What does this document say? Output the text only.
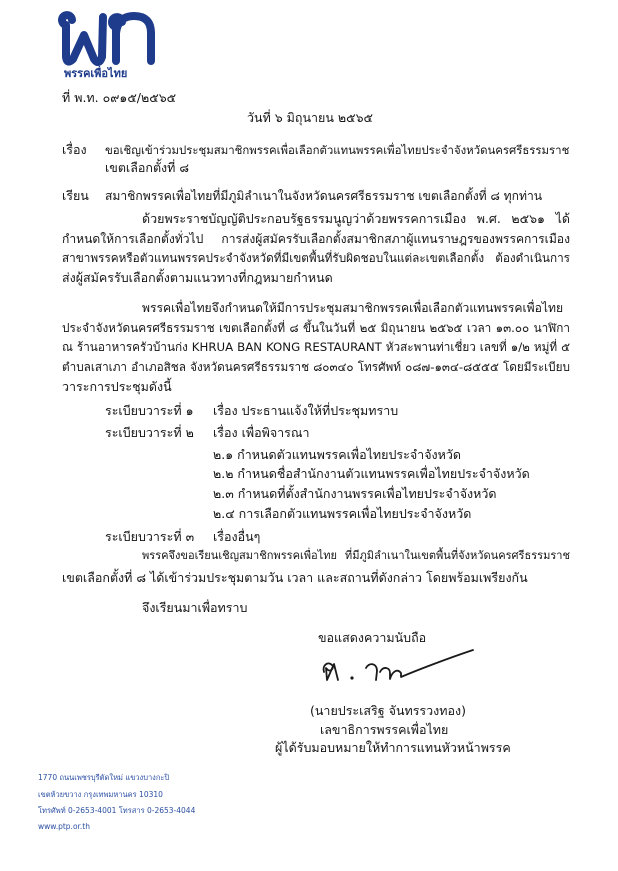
พรรคเพื่อไทย
ที่ พ.ท. ๐๙๑๕/๒๕๖๕
วันที่ ๖ มิถุนายน ๒๕๖๕
เรื่อง	ขอเชิญเข้าร่วมประชุมสมาชิกพรรคเพื่อเลือกตัวแทนพรรคเพื่อไทยประจำจังหวัดนครศรีธรรมราช
เขตเลือกตั้งที่ ๘
เรียน	สมาชิกพรรคเพื่อไทยที่มีภูมิลำเนาในจังหวัดนครศรีธรรมราช เขตเลือกตั้งที่ ๘ ทุกท่าน
ด้วยพระราชบัญญัติประกอบรัฐธรรมนูญว่าด้วยพรรคการเมือง พ.ศ. ๒๕๖๑ ได้
กำหนดให้การเลือกตั้งทั่วไป การส่งผู้สมัครรับเลือกตั้งสมาชิกสภาผู้แทนราษฎรของพรรคการเมือง
สาขาพรรคหรือตัวแทนพรรคประจำจังหวัดที่มีเขตพื้นที่รับผิดชอบในแต่ละเขตเลือกตั้ง ต้องดำเนินการ
ส่งผู้สมัครรับเลือกตั้งตามแนวทางที่กฎหมายกำหนด
พรรคเพื่อไทยจึงกำหนดให้มีการประชุมสมาชิกพรรคเพื่อเลือกตัวแทนพรรคเพื่อไทย
ประจำจังหวัดนครศรีธรรมราช เขตเลือกตั้งที่ ๘ ขึ้นในวันที่ ๒๕ มิถุนายน ๒๕๖๕ เวลา ๑๓.๐๐ นาฬิกา
ณ ร้านอาหารครัวบ้านก่ง KHRUA BAN KONG RESTAURANT หัวสะพานท่าเชี่ยว เลขที่ ๑/๒ หมู่ที่ ๕
ตำบลเสาเภา อำเภอสิชล จังหวัดนครศรีธรรมราช ๘๐๓๔๐ โทรศัพท์ ๐๘๗-๑๓๔-๘๕๕๕ โดยมีระเบียบ
วาระการประชุมดังนี้
ระเบียบวาระที่ ๑	เรื่อง ประธานแจ้งให้ที่ประชุมทราบ
ระเบียบวาระที่ ๒	เรื่อง เพื่อพิจารณา
๒.๑ กำหนดตัวแทนพรรคเพื่อไทยประจำจังหวัด
๒.๒ กำหนดชื่อสำนักงานตัวแทนพรรคเพื่อไทยประจำจังหวัด
๒.๓ กำหนดที่ตั้งสำนักงานพรรคเพื่อไทยประจำจังหวัด
๒.๔ การเลือกตัวแทนพรรคเพื่อไทยประจำจังหวัด
ระเบียบวาระที่ ๓	เรื่องอื่นๆ
พรรคจึงขอเรียนเชิญสมาชิกพรรคเพื่อไทย ที่มีภูมิลำเนาในเขตพื้นที่จังหวัดนครศรีธรรมราช
เขตเลือกตั้งที่ ๘ ได้เข้าร่วมประชุมตามวัน เวลา และสถานที่ดังกล่าว โดยพร้อมเพรียงกัน
จึงเรียนมาเพื่อทราบ
ขอแสดงความนับถือ
(นายประเสริฐ จันทรรวงทอง)
เลขาธิการพรรคเพื่อไทย
ผู้ได้รับมอบหมายให้ทำการแทนหัวหน้าพรรค
1770 ถนนเพชรบุรีตัดใหม่ แขวงบางกะปิ
เขตห้วยขวาง กรุงเทพมหานคร 10310
โทรศัพท์ 0-2653-4001 โทรสาร 0-2653-4044
www.ptp.or.th
